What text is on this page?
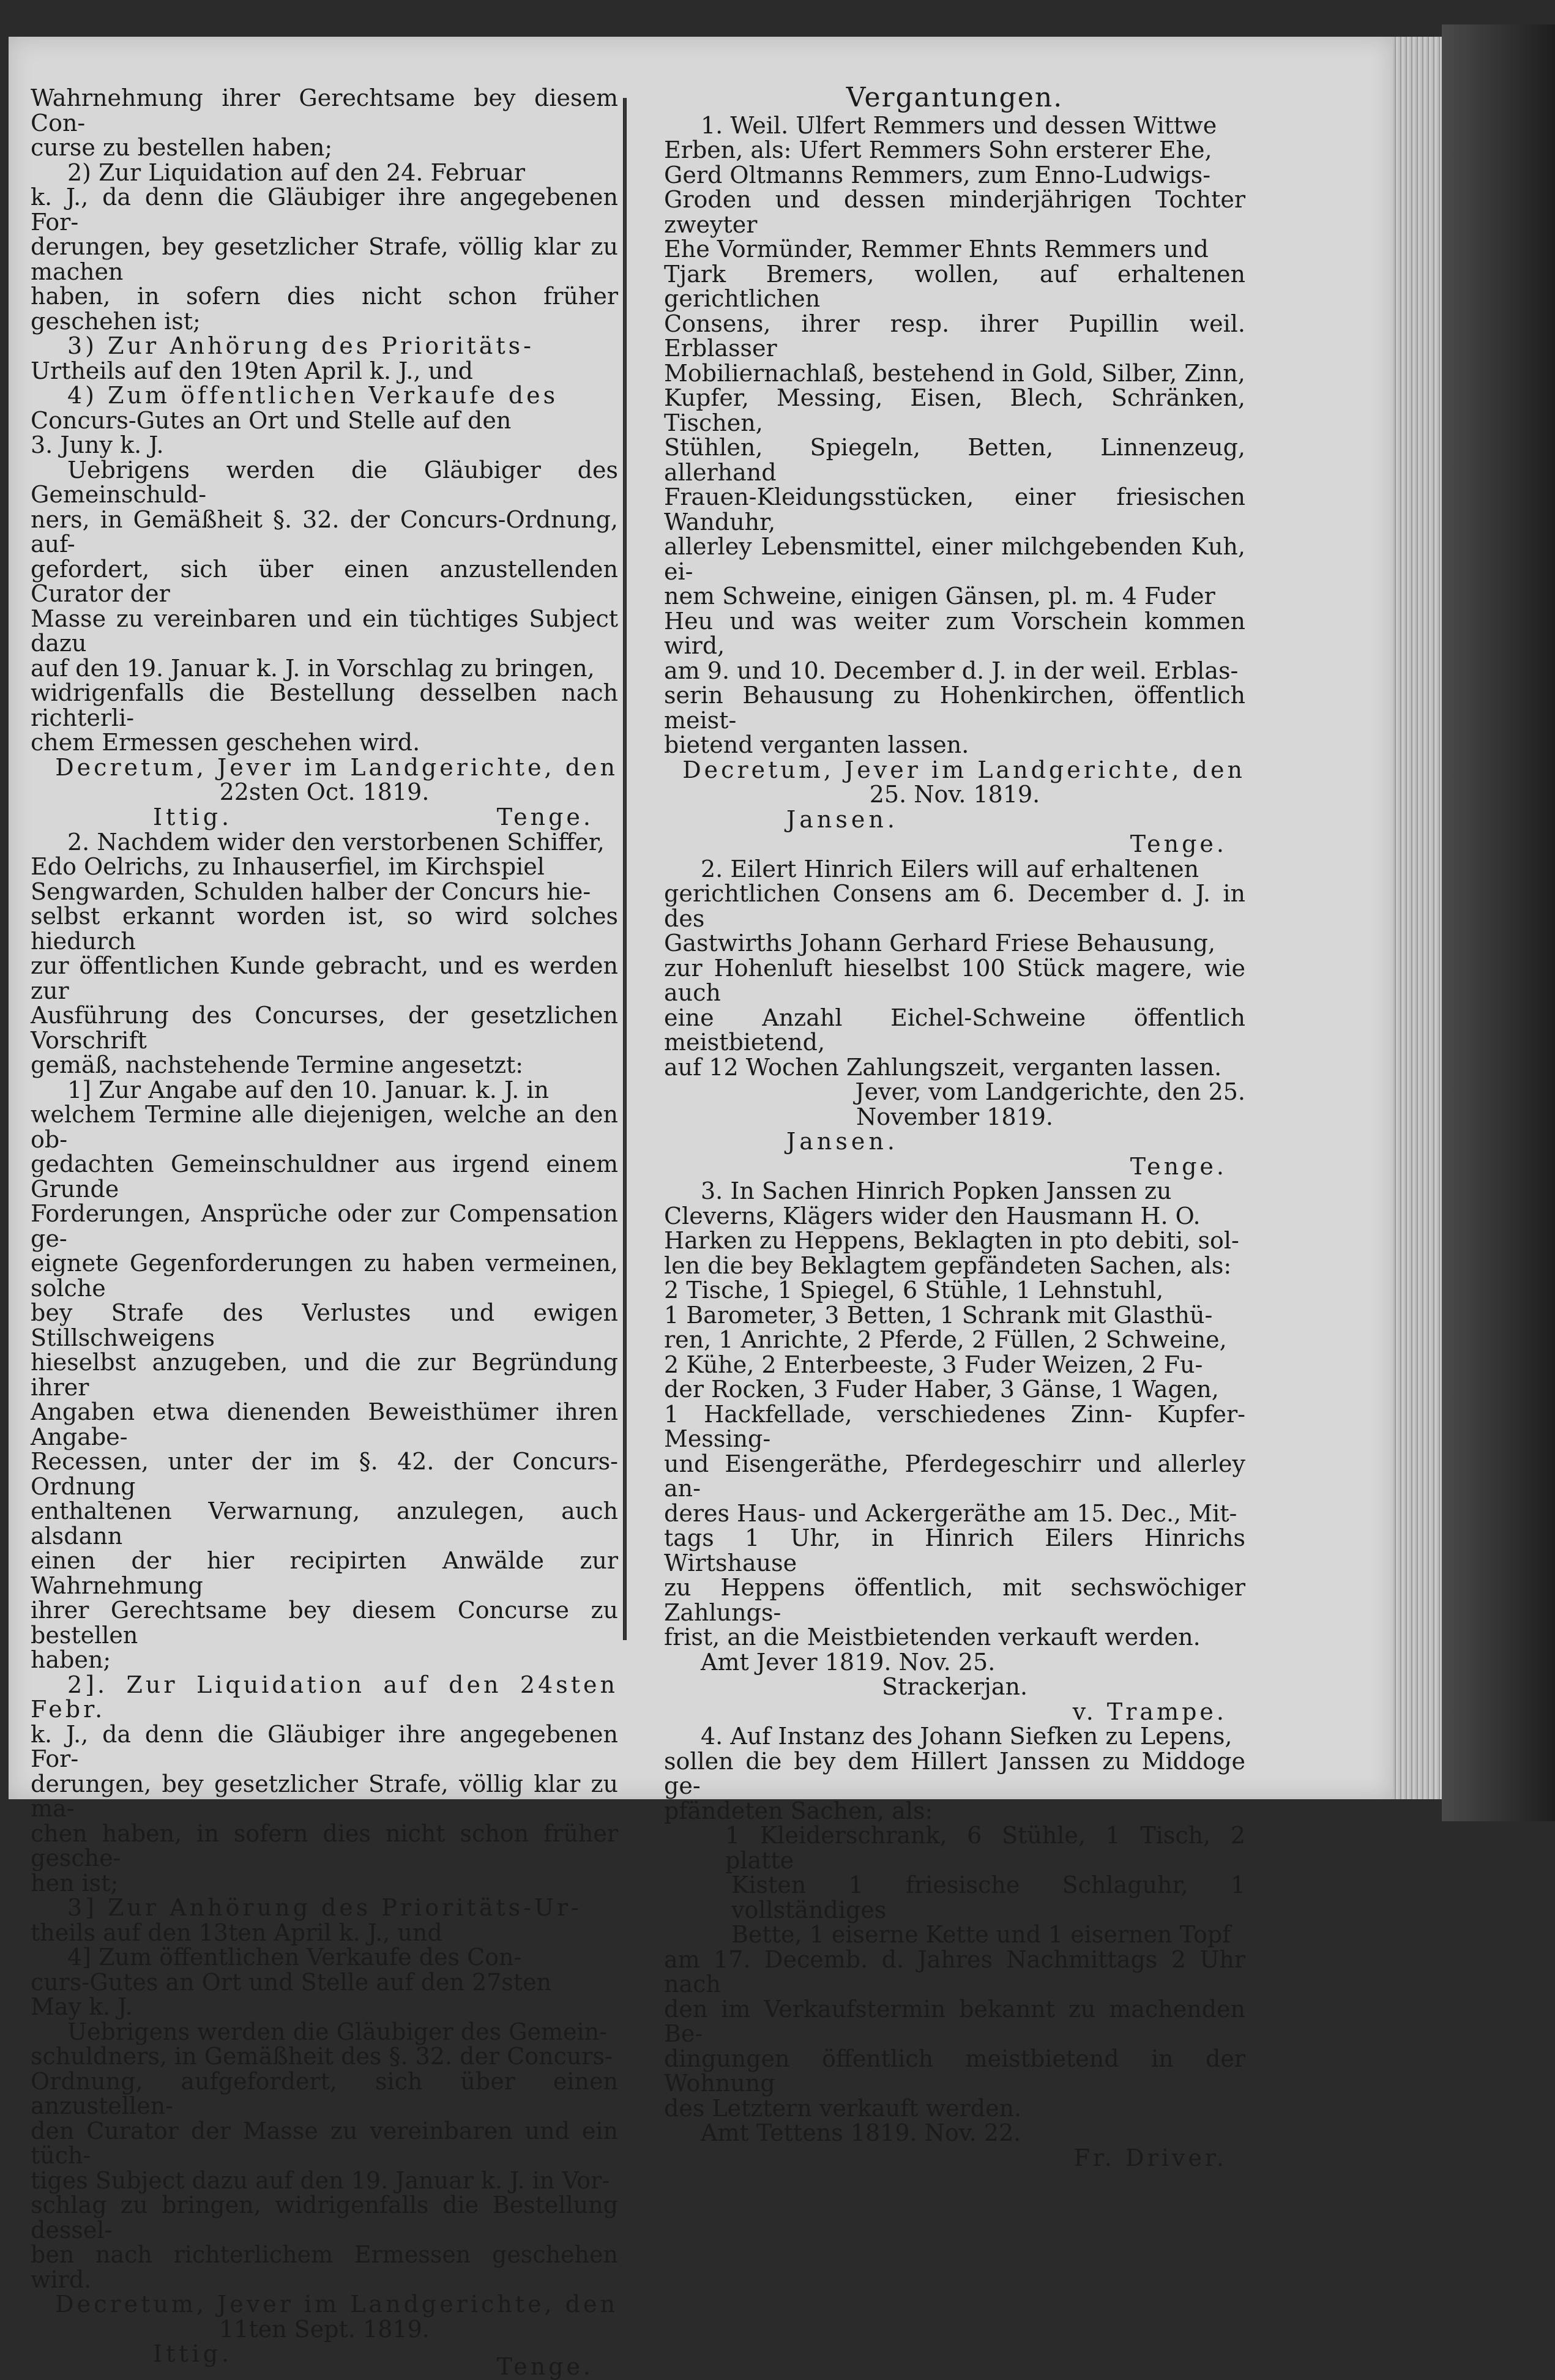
Wahrnehmung ihrer Gerechtsame bey diesem Con-

curse zu bestellen haben;

2) Zur Liquidation auf den 24. Februar

k. J., da denn die Gläubiger ihre angegebenen For-

derungen, bey gesetzlicher Strafe, völlig klar zu machen

haben, in sofern dies nicht schon früher geschehen ist;

3) Zur Anhörung des Prioritäts-

Urtheils auf den 19ten April k. J., und

4) Zum öffentlichen Verkaufe des

Concurs-Gutes an Ort und Stelle auf den

3. Juny k. J.

Uebrigens werden die Gläubiger des Gemeinschuld-

ners, in Gemäßheit §. 32. der Concurs-Ordnung, auf-

gefordert, sich über einen anzustellenden Curator der

Masse zu vereinbaren und ein tüchtiges Subject dazu

auf den 19. Januar k. J. in Vorschlag zu bringen,

widrigenfalls die Bestellung desselben nach richterli-

chem Ermessen geschehen wird.

Decretum, Jever im Landgerichte, den

22sten Oct. 1819.

Ittig.	Tenge.

2. Nachdem wider den verstorbenen Schiffer,

Edo Oelrichs, zu Inhauserfiel, im Kirchspiel

Sengwarden, Schulden halber der Concurs hie-

selbst erkannt worden ist, so wird solches hiedurch

zur öffentlichen Kunde gebracht, und es werden zur

Ausführung des Concurses, der gesetzlichen Vorschrift

gemäß, nachstehende Termine angesetzt:

1] Zur Angabe auf den 10. Januar. k. J. in

welchem Termine alle diejenigen, welche an den ob-

gedachten Gemeinschuldner aus irgend einem Grunde

Forderungen, Ansprüche oder zur Compensation ge-

eignete Gegenforderungen zu haben vermeinen, solche

bey Strafe des Verlustes und ewigen Stillschweigens

hieselbst anzugeben, und die zur Begründung ihrer

Angaben etwa dienenden Beweisthümer ihren Angabe-

Recessen, unter der im §. 42. der Concurs-Ordnung

enthaltenen Verwarnung, anzulegen, auch alsdann

einen der hier recipirten Anwälde zur Wahrnehmung

ihrer Gerechtsame bey diesem Concurse zu bestellen

haben;

2]. Zur Liquidation auf den 24sten Febr.

k. J., da denn die Gläubiger ihre angegebenen For-

derungen, bey gesetzlicher Strafe, völlig klar zu ma-

chen haben, in sofern dies nicht schon früher gesche-

hen ist;

3] Zur Anhörung des Prioritäts-Ur-

theils auf den 13ten April k. J., und

4] Zum öffentlichen Verkaufe des Con-

curs-Gutes an Ort und Stelle auf den 27sten

May k. J.

Uebrigens werden die Gläubiger des Gemein-

schuldners, in Gemäßheit des §. 32. der Concurs-

Ordnung, aufgefordert, sich über einen anzustellen-

den Curator der Masse zu vereinbaren und ein tüch-

tiges Subject dazu auf den 19. Januar k. J. in Vor-

schlag zu bringen, widrigenfalls die Bestellung dessel-

ben nach richterlichem Ermessen geschehen wird.

Decretum, Jever im Landgerichte, den

11ten Sept. 1819.

Ittig.	Tenge.

Vergantungen.

1. Weil. Ulfert Remmers und dessen Wittwe

Erben, als: Ufert Remmers Sohn ersterer Ehe,

Gerd Oltmanns Remmers, zum Enno-Ludwigs-

Groden und dessen minderjährigen Tochter zweyter

Ehe Vormünder, Remmer Ehnts Remmers und

Tjark Bremers, wollen, auf erhaltenen gerichtlichen

Consens, ihrer resp. ihrer Pupillin weil. Erblasser

Mobiliernachlaß, bestehend in Gold, Silber, Zinn,

Kupfer, Messing, Eisen, Blech, Schränken, Tischen,

Stühlen, Spiegeln, Betten, Linnenzeug, allerhand

Frauen-Kleidungsstücken, einer friesischen Wanduhr,

allerley Lebensmittel, einer milchgebenden Kuh, ei-

nem Schweine, einigen Gänsen, pl. m. 4 Fuder

Heu und was weiter zum Vorschein kommen wird,

am 9. und 10. December d. J. in der weil. Erblas-

serin Behausung zu Hohenkirchen, öffentlich meist-

bietend verganten lassen.

Decretum, Jever im Landgerichte, den

25. Nov. 1819.

Jansen.

Tenge.

2. Eilert Hinrich Eilers will auf erhaltenen

gerichtlichen Consens am 6. December d. J. in des

Gastwirths Johann Gerhard Friese Behausung,

zur Hohenluft hieselbst 100 Stück magere, wie auch

eine Anzahl Eichel-Schweine öffentlich meistbietend,

auf 12 Wochen Zahlungszeit, verganten lassen.

Jever, vom Landgerichte, den 25.

November 1819.

Jansen.

Tenge.

3. In Sachen Hinrich Popken Janssen zu

Cleverns, Klägers wider den Hausmann H. O.

Harken zu Heppens, Beklagten in pto debiti, sol-

len die bey Beklagtem gepfändeten Sachen, als:

2 Tische, 1 Spiegel, 6 Stühle, 1 Lehnstuhl,

1 Barometer, 3 Betten, 1 Schrank mit Glasthü-

ren, 1 Anrichte, 2 Pferde, 2 Füllen, 2 Schweine,

2 Kühe, 2 Enterbeeste, 3 Fuder Weizen, 2 Fu-

der Rocken, 3 Fuder Haber, 3 Gänse, 1 Wagen,

1 Hackfellade, verschiedenes Zinn- Kupfer- Messing-

und Eisengeräthe, Pferdegeschirr und allerley an-

deres Haus- und Ackergeräthe am 15. Dec., Mit-

tags 1 Uhr, in Hinrich Eilers Hinrichs Wirtshause

zu Heppens öffentlich, mit sechswöchiger Zahlungs-

frist, an die Meistbietenden verkauft werden.

Amt Jever 1819. Nov. 25.

Strackerjan.

v. Trampe.

4. Auf Instanz des Johann Siefken zu Lepens,

sollen die bey dem Hillert Janssen zu Middoge ge-

pfändeten Sachen, als:

1 Kleiderschrank, 6 Stühle, 1 Tisch, 2 platte

Kisten 1 friesische Schlaguhr, 1 vollständiges

Bette, 1 eiserne Kette und 1 eisernen Topf

am 17. Decemb. d. Jahres Nachmittags 2 Uhr nach

den im Verkaufstermin bekannt zu machenden Be-

dingungen öffentlich meistbietend in der Wohnung

des Letztern verkauft werden.

Amt Tettens 1819. Nov. 22.

Fr. Driver.
